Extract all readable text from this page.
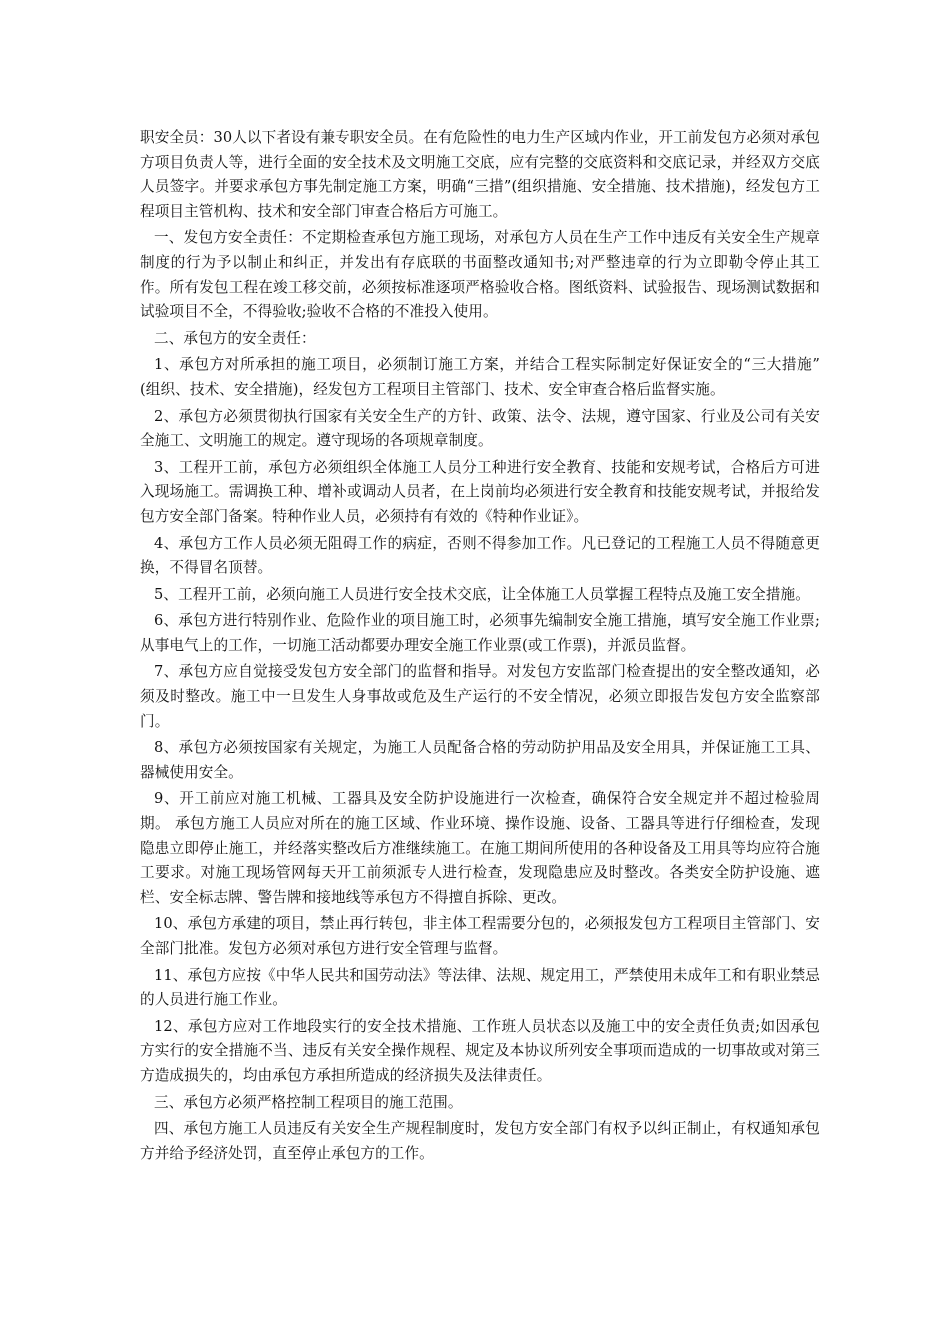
职安全员：30人以下者设有兼专职安全员。在有危险性的电力生产区域内作业，开工前发包方必须对承包方项目负责人等，进行全面的安全技术及文明施工交底，应有完整的交底资料和交底记录，并经双方交底人员签字。并要求承包方事先制定施工方案，明确“三措”(组织措施、安全措施、技术措施)，经发包方工程项目主管机构、技术和安全部门审查合格后方可施工。

一、发包方安全责任：不定期检查承包方施工现场，对承包方人员在生产工作中违反有关安全生产规章制度的行为予以制止和纠正，并发出有存底联的书面整改通知书;对严整违章的行为立即勒令停止其工作。所有发包工程在竣工移交前，必须按标准逐项严格验收合格。图纸资料、试验报告、现场测试数据和试验项目不全，不得验收;验收不合格的不准投入使用。

二、承包方的安全责任：

1、承包方对所承担的施工项目，必须制订施工方案，并结合工程实际制定好保证安全的“三大措施” (组织、技术、安全措施)，经发包方工程项目主管部门、技术、安全审查合格后监督实施。

2、承包方必须贯彻执行国家有关安全生产的方针、政策、法令、法规，遵守国家、行业及公司有关安全施工、文明施工的规定。遵守现场的各项规章制度。

3、工程开工前，承包方必须组织全体施工人员分工种进行安全教育、技能和安规考试，合格后方可进入现场施工。需调换工种、增补或调动人员者，在上岗前均必须进行安全教育和技能安规考试，并报给发包方安全部门备案。特种作业人员，必须持有有效的《特种作业证》。

4、承包方工作人员必须无阻碍工作的病症，否则不得参加工作。凡已登记的工程施工人员不得随意更换，不得冒名顶替。

5、工程开工前，必须向施工人员进行安全技术交底，让全体施工人员掌握工程特点及施工安全措施。

6、承包方进行特别作业、危险作业的项目施工时，必须事先编制安全施工措施，填写安全施工作业票;从事电气上的工作，一切施工活动都要办理安全施工作业票(或工作票)，并派员监督。

7、承包方应自觉接受发包方安全部门的监督和指导。对发包方安监部门检查提出的安全整改通知，必须及时整改。施工中一旦发生人身事故或危及生产运行的不安全情况，必须立即报告发包方安全监察部门。

8、承包方必须按国家有关规定，为施工人员配备合格的劳动防护用品及安全用具，并保证施工工具、器械使用安全。

9、开工前应对施工机械、工器具及安全防护设施进行一次检查，确保符合安全规定并不超过检验周期。 承包方施工人员应对所在的施工区域、作业环境、操作设施、设备、工器具等进行仔细检查，发现隐患立即停止施工，并经落实整改后方准继续施工。在施工期间所使用的各种设备及工用具等均应符合施工要求。对施工现场管网每天开工前须派专人进行检查，发现隐患应及时整改。各类安全防护设施、遮栏、安全标志牌、警告牌和接地线等承包方不得擅自拆除、更改。

10、承包方承建的项目，禁止再行转包，非主体工程需要分包的，必须报发包方工程项目主管部门、安全部门批准。发包方必须对承包方进行安全管理与监督。

11、承包方应按《中华人民共和国劳动法》等法律、法规、规定用工，严禁使用未成年工和有职业禁忌的人员进行施工作业。

12、承包方应对工作地段实行的安全技术措施、工作班人员状态以及施工中的安全责任负责;如因承包方实行的安全措施不当、违反有关安全操作规程、规定及本协议所列安全事项而造成的一切事故或对第三方造成损失的，均由承包方承担所造成的经济损失及法律责任。

三、承包方必须严格控制工程项目的施工范围。

四、承包方施工人员违反有关安全生产规程制度时，发包方安全部门有权予以纠正制止，有权通知承包方并给予经济处罚，直至停止承包方的工作。
